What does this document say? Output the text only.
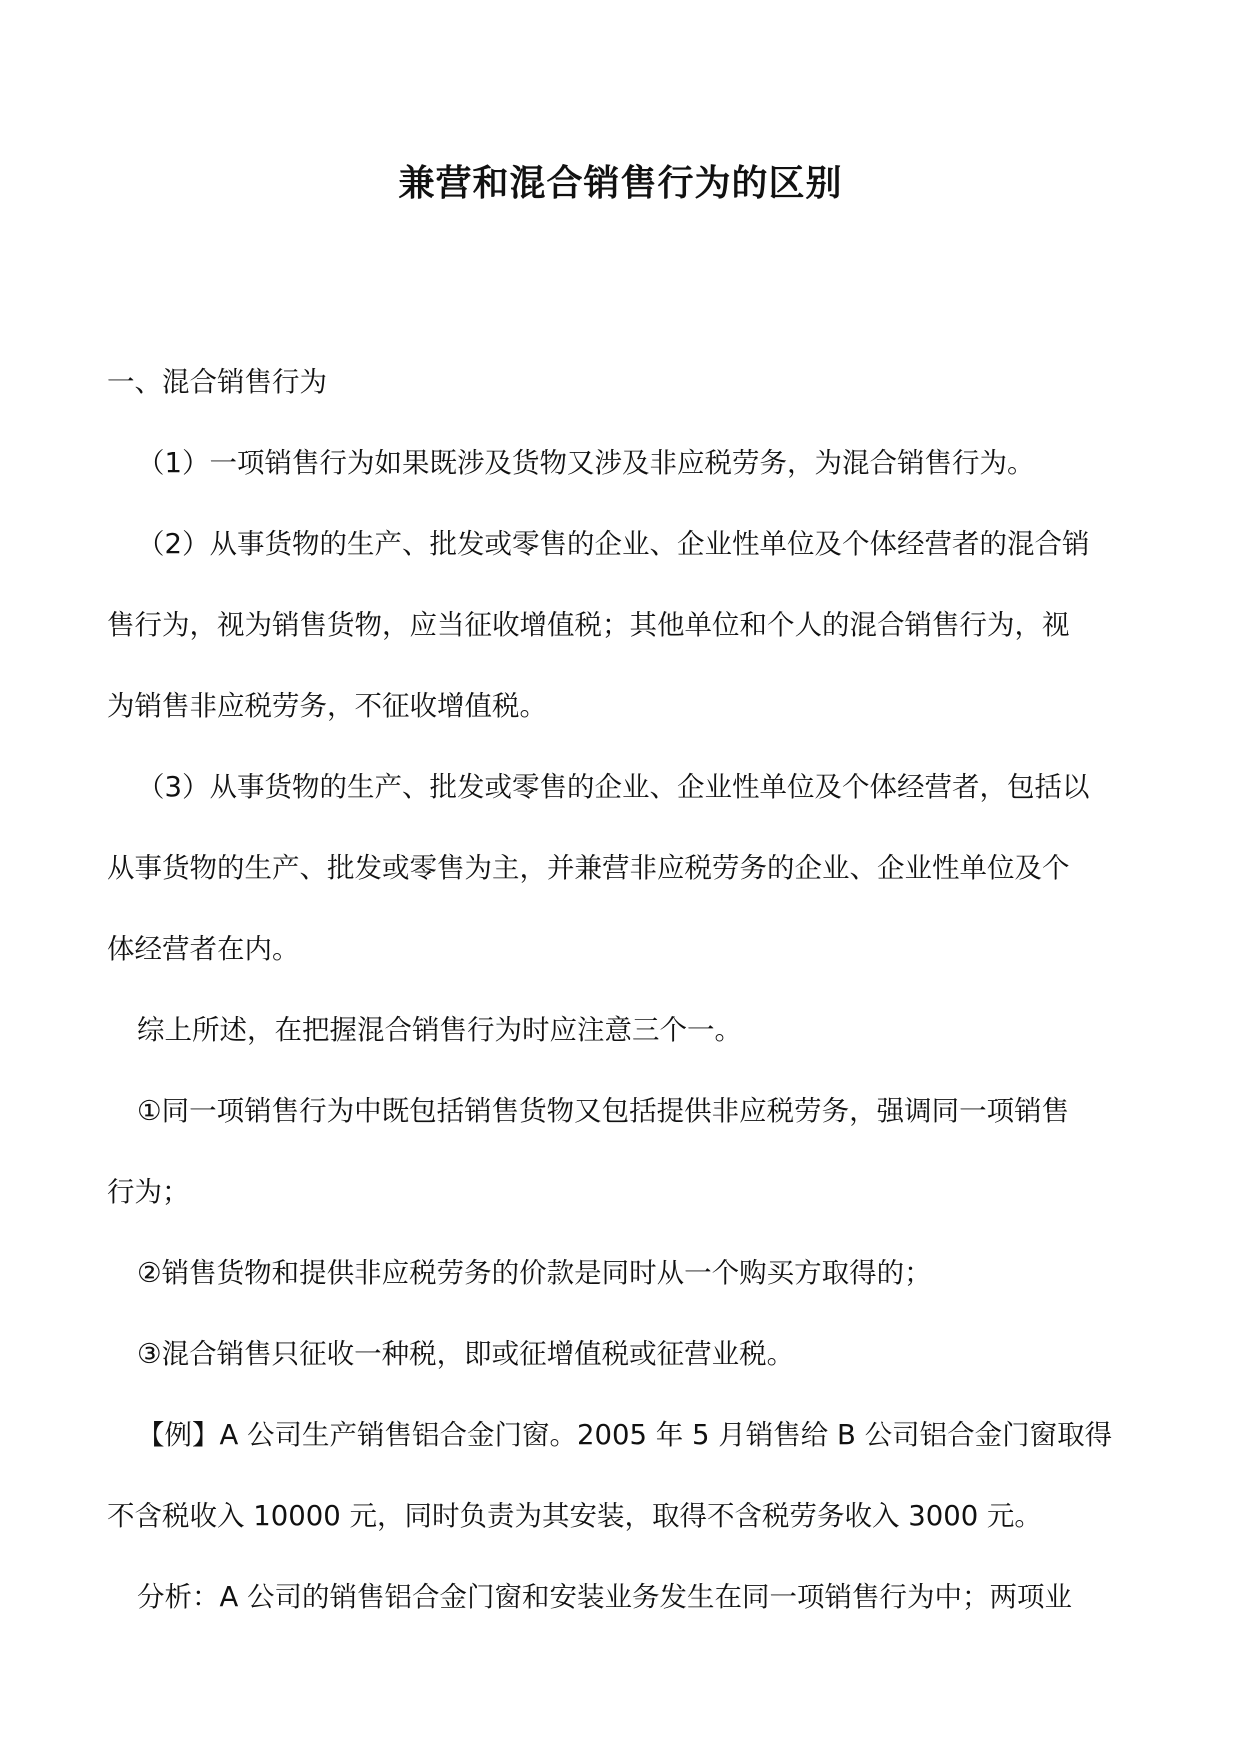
兼营和混合销售行为的区别

一、混合销售行为

（1）一项销售行为如果既涉及货物又涉及非应税劳务，为混合销售行为。

（2）从事货物的生产、批发或零售的企业、企业性单位及个体经营者的混合销

售行为，视为销售货物，应当征收增值税；其他单位和个人的混合销售行为，视

为销售非应税劳务，不征收增值税。

（3）从事货物的生产、批发或零售的企业、企业性单位及个体经营者，包括以

从事货物的生产、批发或零售为主，并兼营非应税劳务的企业、企业性单位及个

体经营者在内。

综上所述，在把握混合销售行为时应注意三个一。

①同一项销售行为中既包括销售货物又包括提供非应税劳务，强调同一项销售

行为；

②销售货物和提供非应税劳务的价款是同时从一个购买方取得的；

③混合销售只征收一种税，即或征增值税或征营业税。

【例】A 公司生产销售铝合金门窗。2005 年 5 月销售给 B 公司铝合金门窗取得

不含税收入 10000 元，同时负责为其安装，取得不含税劳务收入 3000 元。

分析：A 公司的销售铝合金门窗和安装业务发生在同一项销售行为中；两项业
